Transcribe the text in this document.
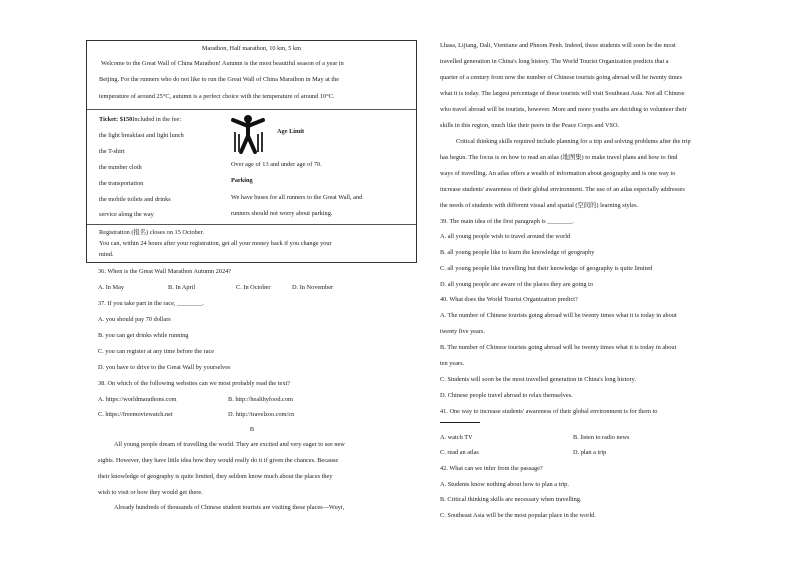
Marathon, Half marathon, 10 km, 5 km
Welcome to the Great Wall of China Marathon! Autumn is the most beautiful season of a year in
Beijing. For the runners who do not like to run the Great Wall of China Marathon in May at the
temperature of around 25°C, autumn is a perfect choice with the temperature of around 10°C.
Ticket: $150Included in the fee:
the light breakfast and light lunch
the T-shirt
the number cloth
the transportation
the mobile toilets and drinks
service along the way
Age Limit
Over age of 13 and under age of 70.
Parking
We have buses for all runners to the Great Wall, and
runners should not worry about parking.
Registration (报名) closes on 15 October.
You can, within 24 hours after your registration, get all your money back if you change your
mind.
36. When is the Great Wall Marathon Autumn 2024?
A. In May	B. In April	C. In October	D. In November
37. If you take part in the race, ________.
A. you should pay 70 dollars
B. you can get drinks while running
C. you can register at any time before the race
D. you have to drive to the Great Wall by yourselves
38. On which of the following websites can we most probably read the text?
A. https://worldmarathons.com	B. http://healthyfood.com
C. https://freemoviewatch.net	D. http://travelzoo.com/cn
B
All young people dream of travelling the world. They are excited and very eager to see new
sights. However, they have little idea how they would really do it if given the chances. Because
their knowledge of geography is quite limited, they seldom know much about the places they
wish to visit or how they would get there.
Already hundreds of thousands of Chinese student tourists are visiting these places—Wuyi,
Lhasa, Lijiang, Dali, Vientiane and Phnom Penh. Indeed, these students will soon be the most
travelled generation in China's long history. The World Tourist Organization predicts that a
quarter of a century from now the number of Chinese tourists going abroad will be twenty times
what it is today. The largest percentage of these tourists will visit Southeast Asia. Not all Chinese
who travel abroad will be tourists, however. More and more youths are deciding to volunteer their
skills in this region, much like their peers in the Peace Corps and VSO.
Critical thinking skills required include planning for a trip and solving problems after the trip
has begun. The focus is on how to read an atlas (地图集) to make travel plans and how to find
ways of travelling. An atlas offers a wealth of information about geography and is one way to
increase students' awareness of their global environment. The use of an atlas especially addresses
the needs of students with different visual and spatial (空间的) learning styles.
39. The main idea of the first paragraph is ________.
A. all young people wish to travel around the world
B. all young people like to learn the knowledge of geography
C. all young people like travelling but their knowledge of geography is quite limited
D. all young people are aware of the places they are going to
40. What does the World Tourist Organization predict?
A. The number of Chinese tourists going abroad will be twenty times what it is today in about
twenty five years.
B. The number of Chinese tourists going abroad will be twenty times what it is today in about
ten years.
C. Students will soon be the most travelled generation in China's long history.
D. Chinese people travel abroad to relax themselves.
41. One way to increase students' awareness of their global environment is for them to
A. watch TV	B. listen to radio news
C. read an atlas	D. plan a trip
42. What can we infer from the passage?
A. Students know nothing about how to plan a trip.
B. Critical thinking skills are necessary when travelling.
C. Southeast Asia will be the most popular place in the world.
